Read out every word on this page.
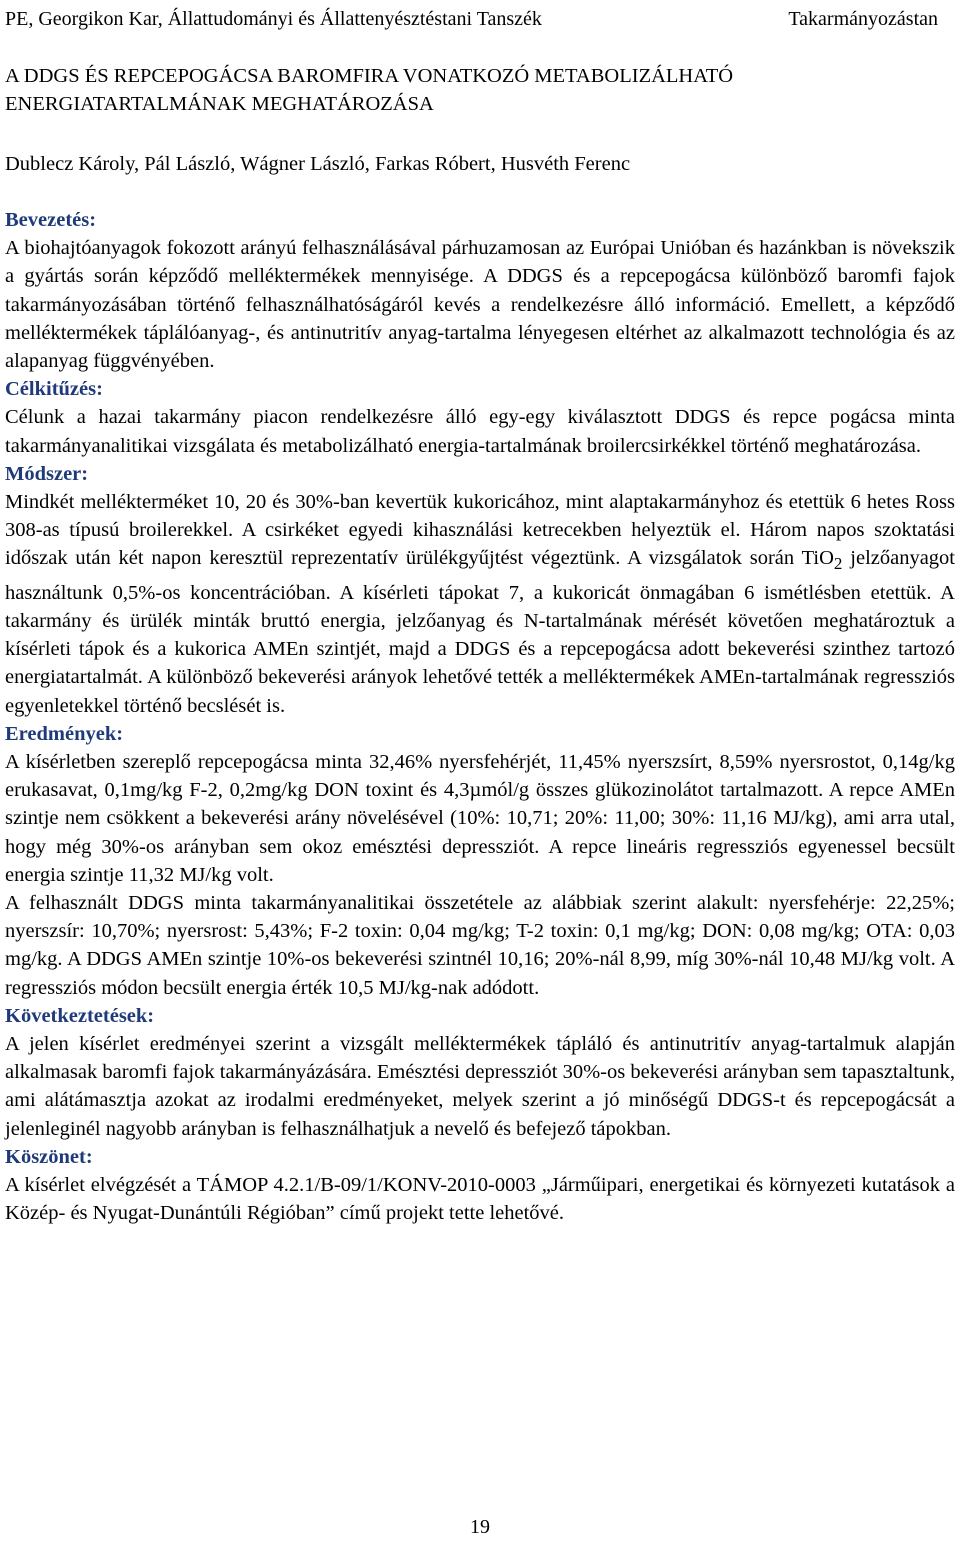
PE, Georgikon Kar, Állattudományi és Állattenyésztéstani Tanszék	Takarmányozástan
A DDGS ÉS REPCEPOGÁCSA BAROMFIRA VONATKOZÓ METABOLIZÁLHATÓ
ENERGIATARTALMÁNAK MEGHATÁROZÁSA
Dublecz Károly, Pál László, Wágner László, Farkas Róbert, Husvéth Ferenc
Bevezetés:

A biohajtóanyagok fokozott arányú felhasználásával párhuzamosan az Európai Unióban és hazánkban is növekszik a gyártás során képződő melléktermékek mennyisége. A DDGS és a repcepogácsa különböző baromfi fajok takarmányozásában történő felhasználhatóságáról kevés a rendelkezésre álló információ. Emellett, a képződő melléktermékek táplálóanyag-, és antinutritív anyag-tartalma lényegesen eltérhet az alkalmazott technológia és az alapanyag függvényében.

Célkitűzés:

Célunk a hazai takarmány piacon rendelkezésre álló egy-egy kiválasztott DDGS és repce pogácsa minta takarmányanalitikai vizsgálata és metabolizálható energia-tartalmának broilercsirkékkel történő meghatározása.

Módszer:

Mindkét mellékterméket 10, 20 és 30%-ban kevertük kukoricához, mint alaptakarmányhoz és etettük 6 hetes Ross 308-as típusú broilerekkel. A csirkéket egyedi kihasználási ketrecekben helyeztük el. Három napos szoktatási időszak után két napon keresztül reprezentatív ürülékgyűjtést végeztünk. A vizsgálatok során TiO$_2$ jelzőanyagot használtunk 0,5%-os koncentrációban. A kísérleti tápokat 7, a kukoricát önmagában 6 ismétlésben etettük. A takarmány és ürülék minták bruttó energia, jelzőanyag és N-tartalmának mérését követően meghatároztuk a kísérleti tápok és a kukorica AMEn szintjét, majd a DDGS és a repcepogácsa adott bekeverési szinthez tartozó energiatartalmát. A különböző bekeverési arányok lehetővé tették a melléktermékek AMEn-tartalmának regressziós egyenletekkel történő becslését is.

Eredmények:

A kísérletben szereplő repcepogácsa minta 32,46% nyersfehérjét, 11,45% nyerszsírt, 8,59% nyersrostot, 0,14g/kg erukasavat, 0,1mg/kg F-2, 0,2mg/kg DON toxint és 4,3µmól/g összes glükozinolátot tartalmazott. A repce AMEn szintje nem csökkent a bekeverési arány növelésével (10%: 10,71; 20%: 11,00; 30%: 11,16 MJ/kg), ami arra utal, hogy még 30%-os arányban sem okoz emésztési depressziót. A repce lineáris regressziós egyenessel becsült energia szintje 11,32 MJ/kg volt.

A felhasznált DDGS minta takarmányanalitikai összetétele az alábbiak szerint alakult: nyersfehérje: 22,25%; nyerszsír: 10,70%; nyersrost: 5,43%; F-2 toxin: 0,04 mg/kg; T-2 toxin: 0,1 mg/kg; DON: 0,08 mg/kg; OTA: 0,03 mg/kg. A DDGS AMEn szintje 10%-os bekeverési szintnél 10,16; 20%-nál 8,99, míg 30%-nál 10,48 MJ/kg volt. A regressziós módon becsült energia érték 10,5 MJ/kg-nak adódott.

Következtetések:

A jelen kísérlet eredményei szerint a vizsgált melléktermékek tápláló és antinutritív anyag-tartalmuk alapján alkalmasak baromfi fajok takarmányázására. Emésztési depressziót 30%-os bekeverési arányban sem tapasztaltunk, ami alátámasztja azokat az irodalmi eredményeket, melyek szerint a jó minőségű DDGS-t és repcepogácsát a jelenleginél nagyobb arányban is felhasználhatjuk a nevelő és befejező tápokban.

Köszönet:

A kísérlet elvégzését a TÁMOP 4.2.1/B-09/1/KONV-2010-0003 „Járműipari, energetikai és környezeti kutatások a Közép- és Nyugat-Dunántúli Régióban” című projekt tette lehetővé.

19
